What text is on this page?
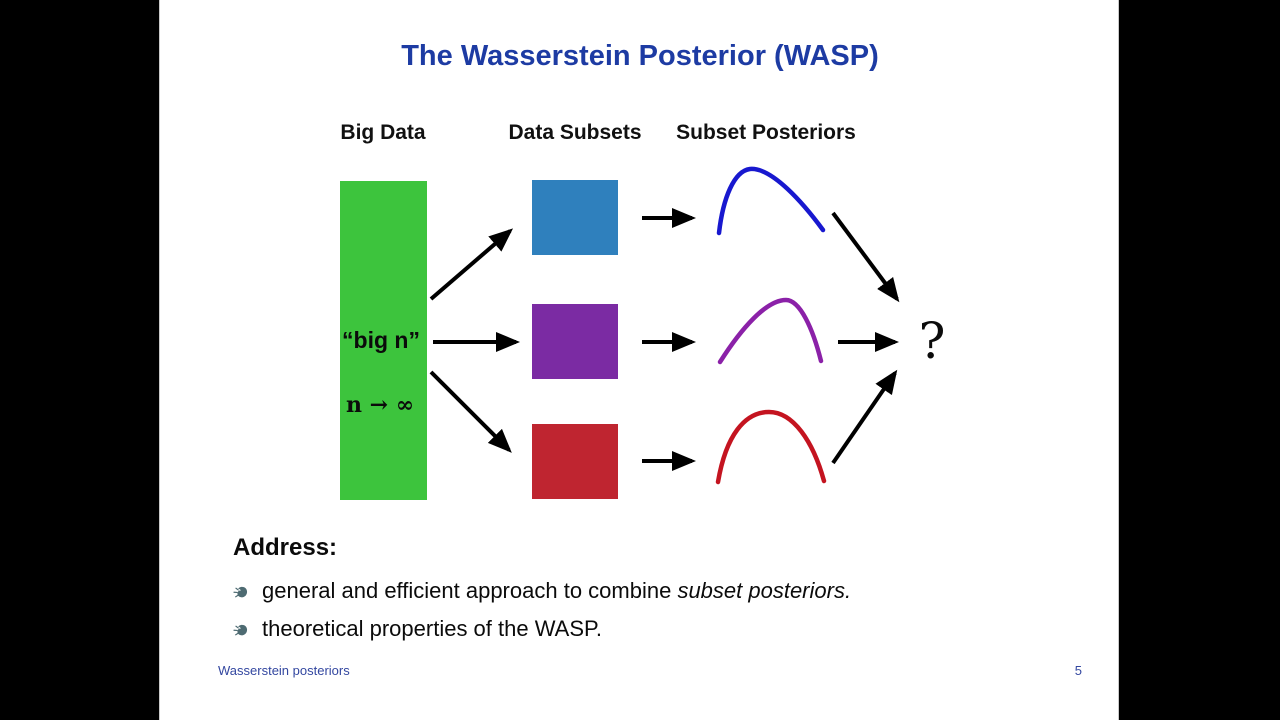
The Wasserstein Posterior (WASP)
Big Data	Data Subsets Subset Posteriors
“big n”
n → ∞
?
Address:
general and efficient approach to combine subset posteriors.
theoretical properties of the WASP.
Wasserstein posteriors	5
